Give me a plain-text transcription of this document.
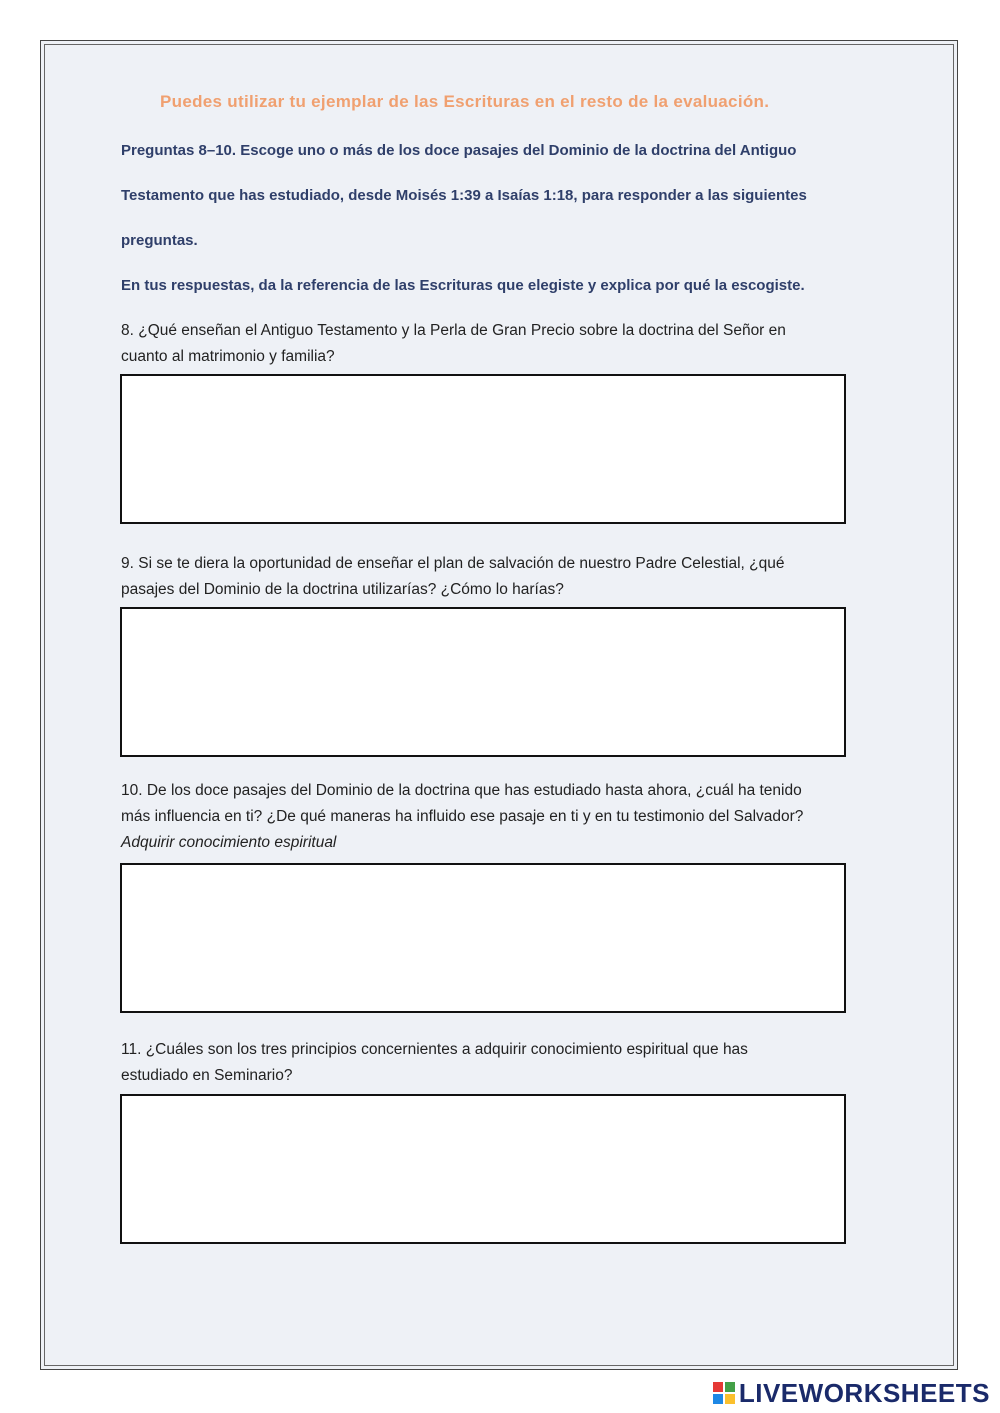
Puedes utilizar tu ejemplar de las Escrituras en el resto de la evaluación.
Preguntas 8–10. Escoge uno o más de los doce pasajes del Dominio de la doctrina del Antiguo
Testamento que has estudiado, desde Moisés 1:39 a Isaías 1:18, para responder a las siguientes
preguntas.
En tus respuestas, da la referencia de las Escrituras que elegiste y explica por qué la escogiste.
8. ¿Qué enseñan el Antiguo Testamento y la Perla de Gran Precio sobre la doctrina del Señor en
cuanto al matrimonio y familia?
9. Si se te diera la oportunidad de enseñar el plan de salvación de nuestro Padre Celestial, ¿qué
pasajes del Dominio de la doctrina utilizarías? ¿Cómo lo harías?
10. De los doce pasajes del Dominio de la doctrina que has estudiado hasta ahora, ¿cuál ha tenido
más influencia en ti? ¿De qué maneras ha influido ese pasaje en ti y en tu testimonio del Salvador?
Adquirir conocimiento espiritual
11. ¿Cuáles son los tres principios concernientes a adquirir conocimiento espiritual que has
estudiado en Seminario?
LIVEWORKSHEETS
